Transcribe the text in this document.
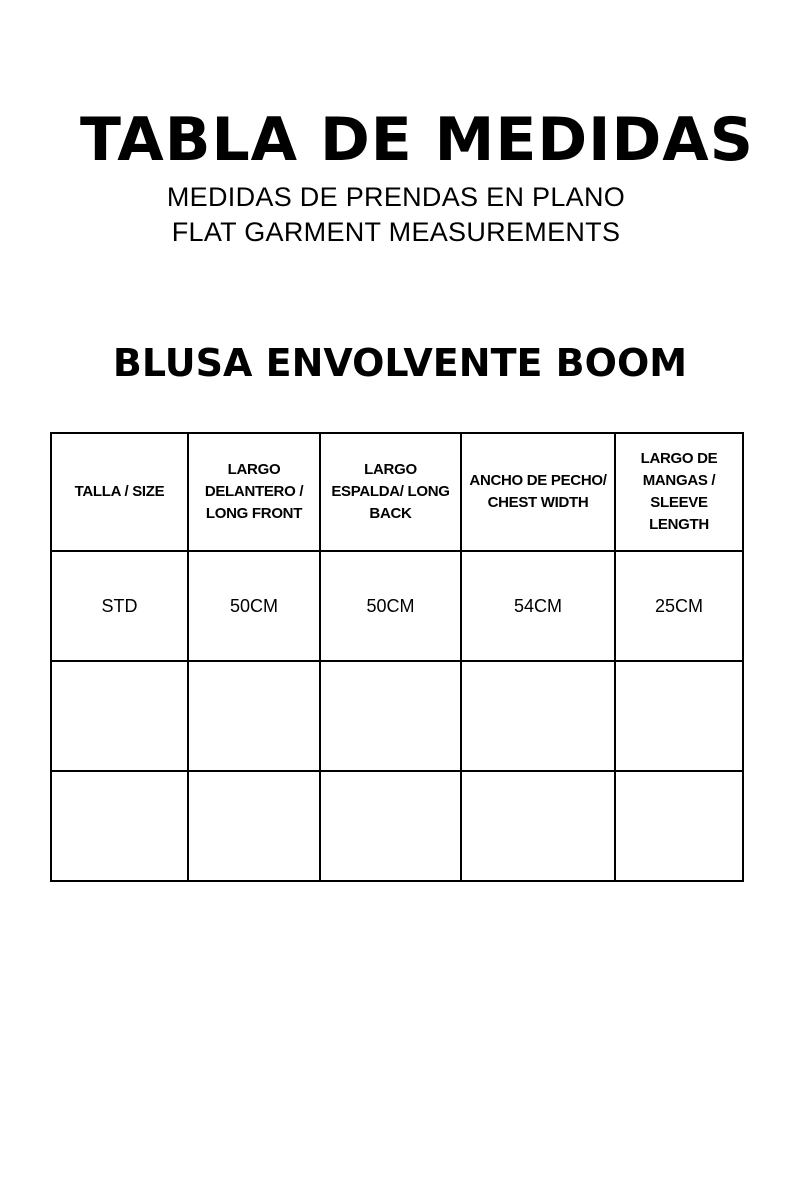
TABLA DE MEDIDAS
MEDIDAS DE PRENDAS EN PLANO
FLAT GARMENT MEASUREMENTS
BLUSA ENVOLVENTE BOOM
TALLA / SIZE	LARGO DELANTERO / LONG FRONT	LARGO ESPALDA/ LONG BACK	ANCHO DE PECHO/ CHEST WIDTH	LARGO DE MANGAS / SLEEVE LENGTH
STD	50CM	50CM	54CM	25CM
